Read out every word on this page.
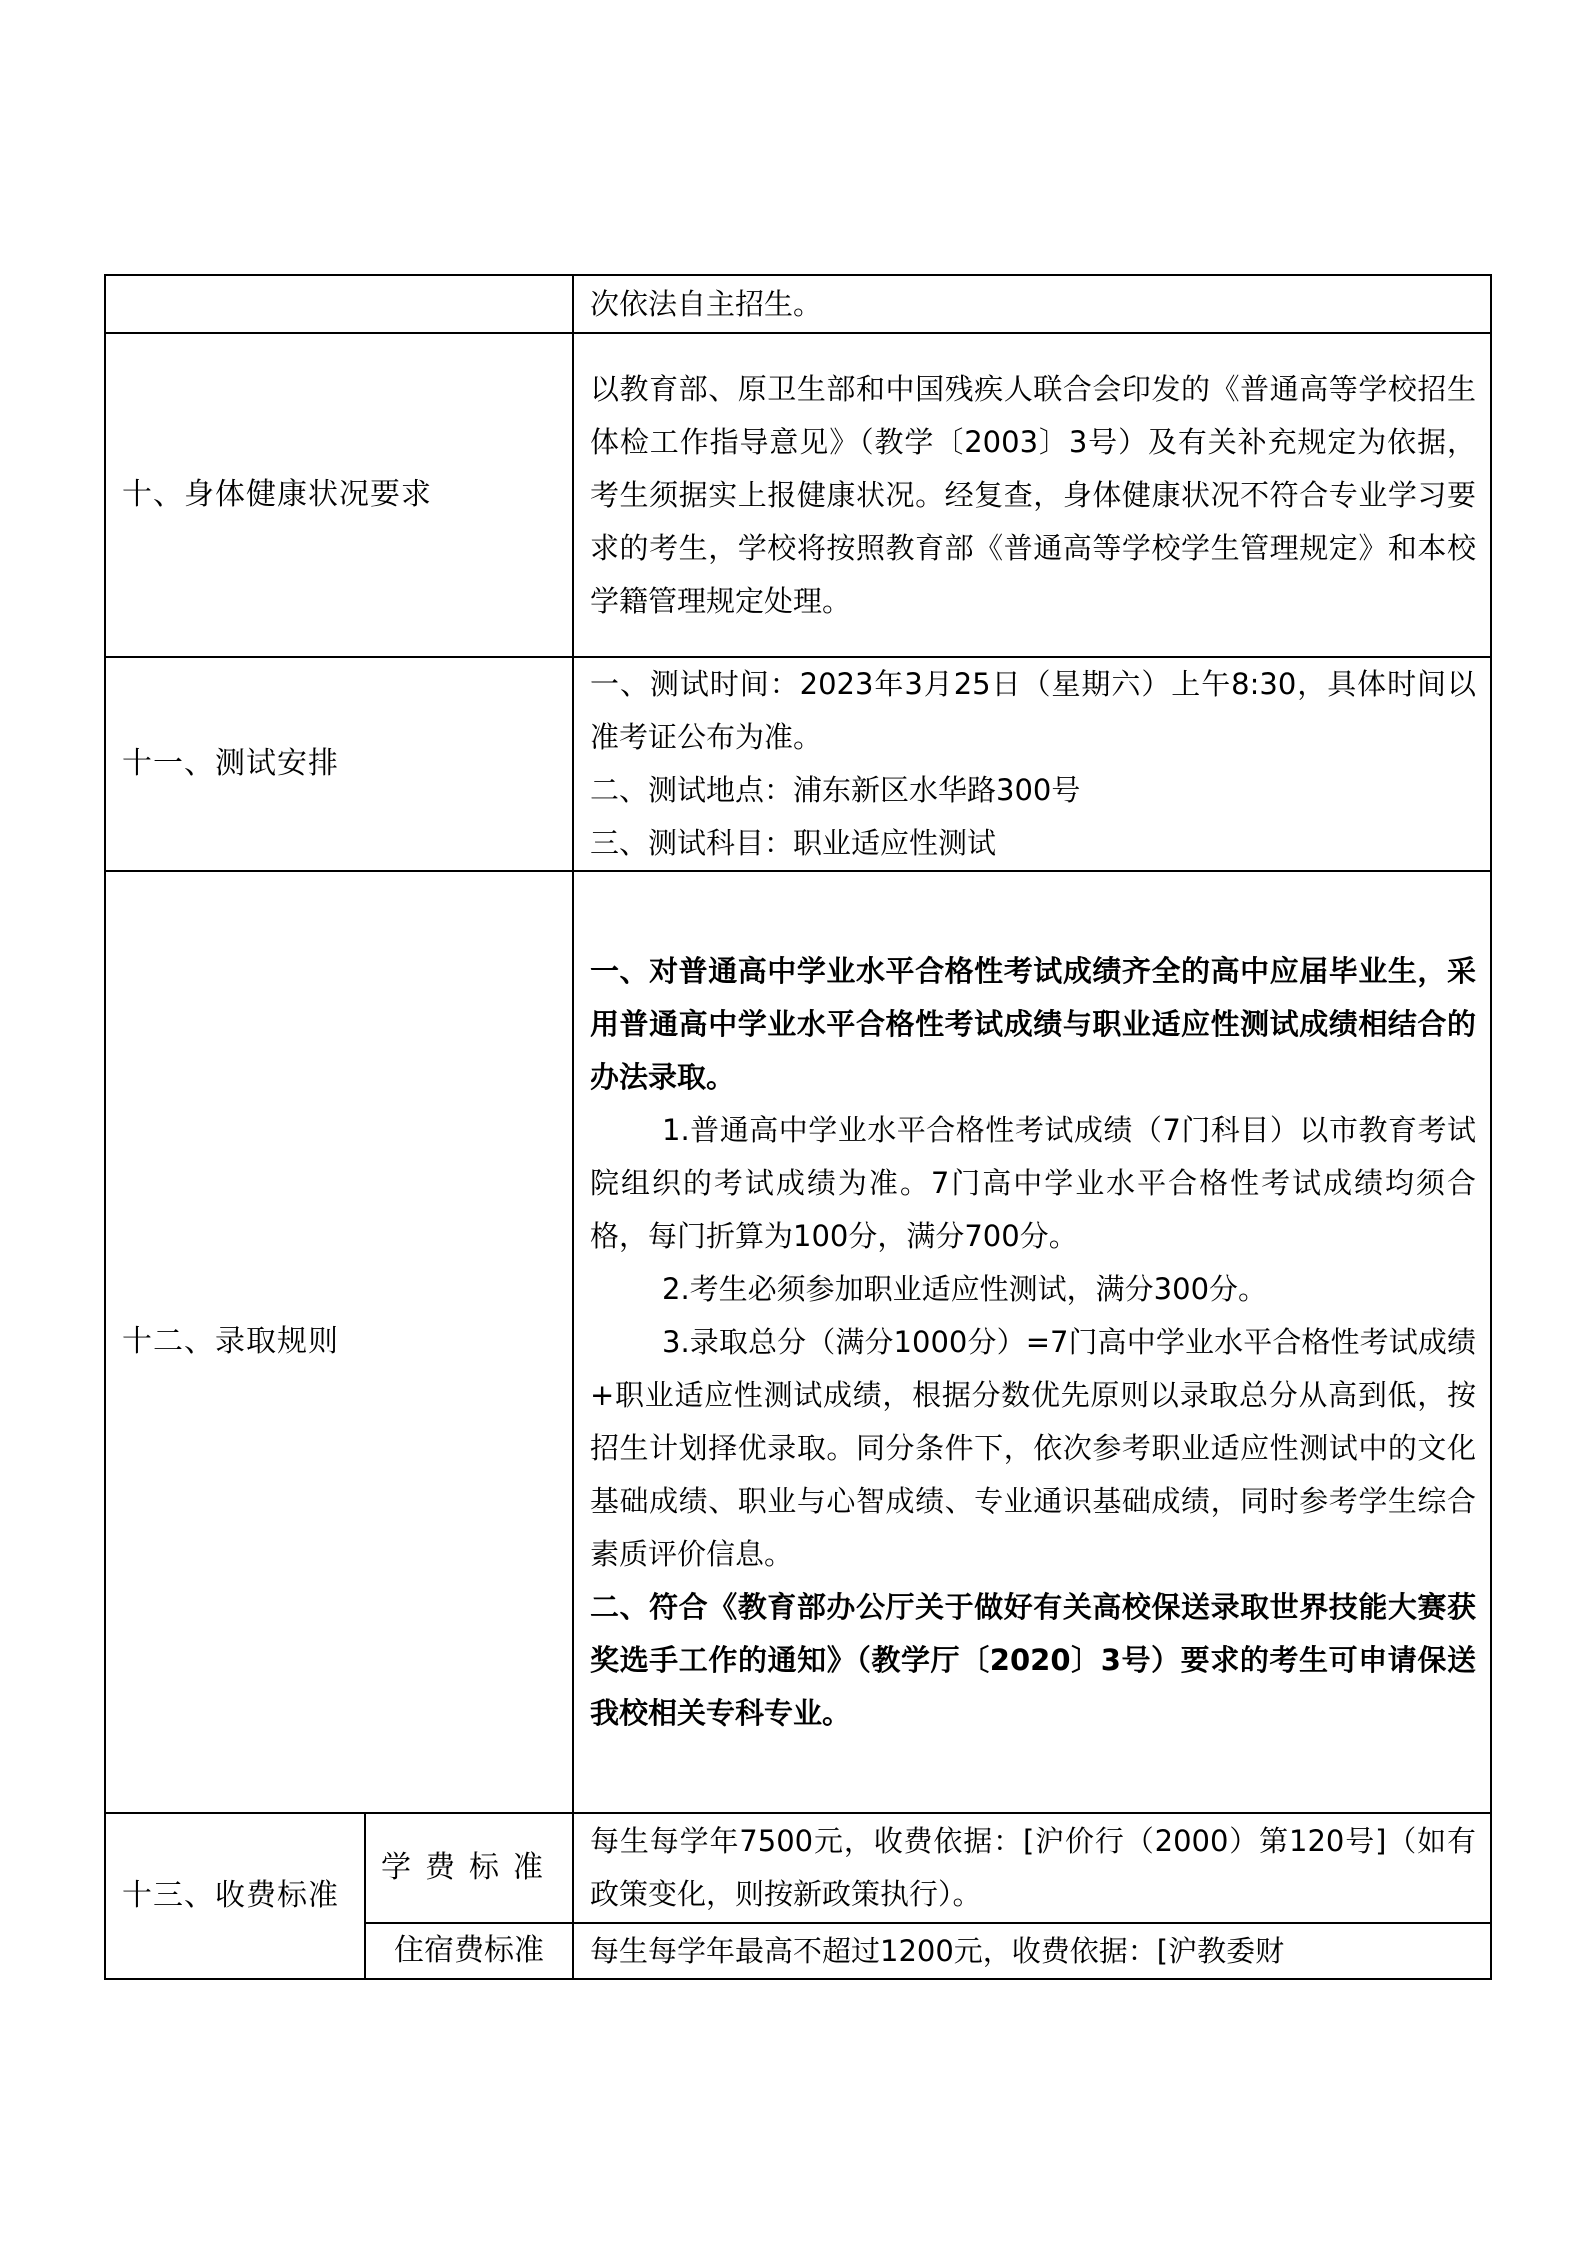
		次依法自主招生。
十、身体健康状况要求		以教育部、原卫生部和中国残疾人联合会印发的《普通高等学校招生体检工作指导意见》（教学〔2003〕3号）及有关补充规定为依据，考生须据实上报健康状况。经复查，身体健康状况不符合专业学习要求的考生，学校将按照教育部《普通高等学校学生管理规定》和本校学籍管理规定处理。

十一、测试安排		一、测试时间：2023年3月25日（星期六）上午8:30，具体时间以准考证公布为准。

二、测试地点：浦东新区水华路300号

三、测试科目：职业适应性测试

十二、录取规则		一、对普通高中学业水平合格性考试成绩齐全的高中应届毕业生，采用普通高中学业水平合格性考试成绩与职业适应性测试成绩相结合的办法录取。

1.普通高中学业水平合格性考试成绩（7门科目）以市教育考试院组织的考试成绩为准。7门高中学业水平合格性考试成绩均须合格，每门折算为100分，满分700分。

2.考生必须参加职业适应性测试，满分300分。

3.录取总分（满分1000分）=7门高中学业水平合格性考试成绩+职业适应性测试成绩，根据分数优先原则以录取总分从高到低，按招生计划择优录取。同分条件下，依次参考职业适应性测试中的文化基础成绩、职业与心智成绩、专业通识基础成绩，同时参考学生综合素质评价信息。

二、符合《教育部办公厅关于做好有关高校保送录取世界技能大赛获奖选手工作的通知》（教学厅〔2020〕3号）要求的考生可申请保送我校相关专科专业。

十三、收费标准	学费标准	每生每学年7500元，收费依据：[沪价行（2000）第120号]（如有政策变化，则按新政策执行）。
	住宿费标准	每生每学年最高不超过1200元，收费依据：[沪教委财
